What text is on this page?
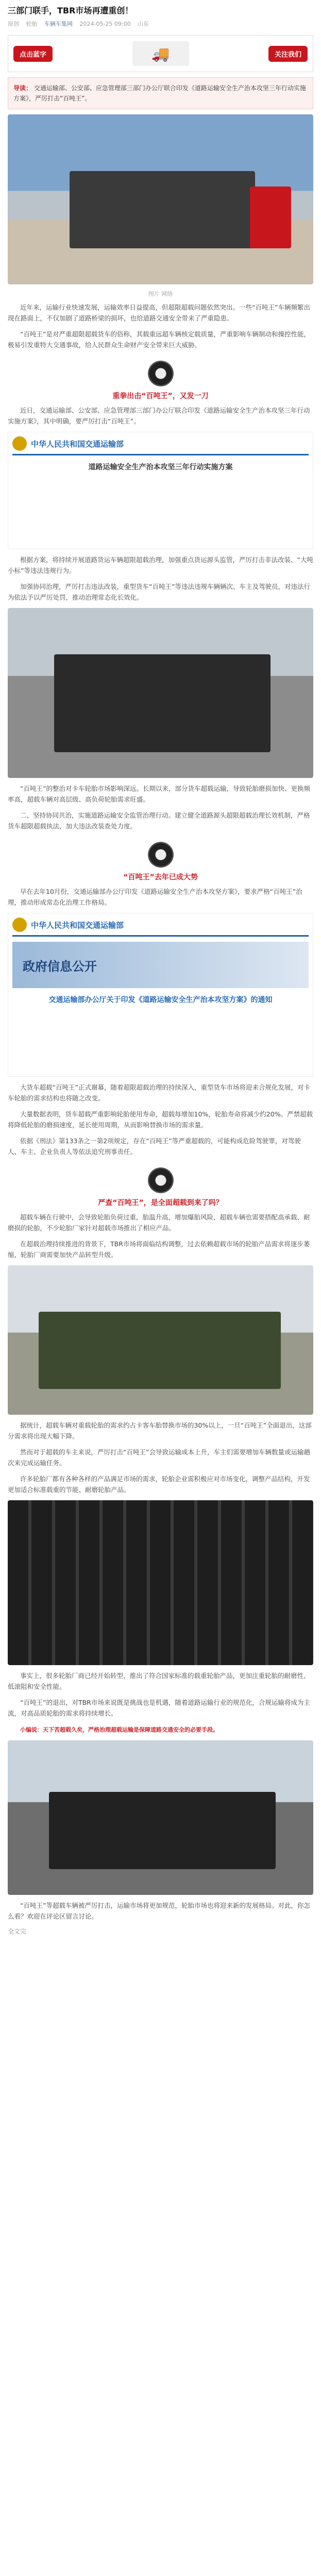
三部门联手，TBR市场再遭重创！
原创 轮胎 车辆车集网 2024-05-25 09:00 山东
点击蓝字	🚚	关注我们
导读： 交通运输部、公安部、应急管理部三部门办公厅联合印发《道路运输安全生产治本攻坚三年行动实施方案》，严厉打击“百吨王”。
图片 网络

近年来，运输行业快速发展，运输效率日益提高，但超限超载问题依然突出。一些“百吨王”车辆频繁出现在路面上，不仅加剧了道路桥梁的损坏，也给道路交通安全带来了严重隐患。

“百吨王”是对严重超限超载货车的俗称，其载重远超车辆核定载质量，严重影响车辆制动和操控性能，极易引发重特大交通事故，给人民群众生命财产安全带来巨大威胁。

重拳出击“百吨王”，又发一刀

近日，交通运输部、公安部、应急管理部三部门办公厅联合印发《道路运输安全生产治本攻坚三年行动实施方案》，其中明确，要严厉打击“百吨王”。

中华人民共和国交通运输部
道路运输安全生产治本攻坚三年行动实施方案

根据方案，将持续开展道路货运车辆超限超载治理，加强重点货运源头监管，严厉打击非法改装、“大吨小标”等违法违规行为。

加强协同治理，严厉打击违法改装，重型货车“百吨王”等违法违规车辆辆次、车主及驾驶员，对违法行为依法予以严厉处罚，推动治理常态化长效化。

“百吨王”的整治对卡车轮胎市场影响深远。长期以来，部分货车超载运输，导致轮胎磨损加快、更换频率高，超载车辆对高层级、高负荷轮胎需求旺盛。

二、坚持协同共治，实施道路运输安全监管治理行动。建立健全道路源头超限超载治理长效机制，严格货车超限超载执法，加大违法改装查处力度。

“百吨王”去年已成大势

早在去年10月份，交通运输部办公厅印发《道路运输安全生产治本攻坚方案》，要求严格“百吨王”治理，推动形成常态化治理工作格局。

中华人民共和国交通运输部
政府信息公开
交通运输部办公厅关于印发《道路运输安全生产治本攻坚方案》的通知

大货车超载“百吨王”正式谢幕，随着超限超载治理的持续深入，重型货车市场将迎来合规化发展，对卡车轮胎的需求结构也将随之改变。

大量数据表明，货车超载严重影响轮胎使用寿命，超载每增加10%，轮胎寿命将减少约20%。严禁超载将降低轮胎的磨损速度，延长使用周期，从而影响替换市场的需求量。

依据《刑法》第133条之一第2项规定，存在“百吨王”等严重超载的，可能构成危险驾驶罪，对驾驶人、车主、企业负责人等依法追究刑事责任。

严查“百吨王”，是全面超载到来了吗？

超载车辆在行驶中，会导致轮胎负荷过重，胎温升高，增加爆胎风险，超载车辆也需要搭配高承载、耐磨损的轮胎，不少轮胎厂家针对超载市场推出了相应产品。

在超载治理持续推进的背景下，TBR市场将面临结构调整，过去依赖超载市场的轮胎产品需求将逐步萎缩，轮胎厂商需要加快产品转型升级。

据统计，超载车辆对重载轮胎的需求约占卡客车胎替换市场的30%以上，一旦“百吨王”全面退出，这部分需求将出现大幅下降。

然而对于超载的车主来说，严厉打击“百吨王”会导致运输成本上升，车主们需要增加车辆数量或运输趟次来完成运输任务。

许多轮胎厂都有各种各样的产品满足市场的需求，轮胎企业需积极应对市场变化，调整产品结构，开发更加适合标准载重的节能、耐磨轮胎产品。

事实上，很多轮胎厂商已经开始转型，推出了符合国家标准的载重轮胎产品，更加注重轮胎的耐磨性、低滚阻和安全性能。

“百吨王”的退出，对TBR市场来说既是挑战也是机遇，随着道路运输行业的规范化，合规运输将成为主流，对高品质轮胎的需求将持续增长。

小编说：天下苦超载久矣，严格治理超载运输是保障道路交通安全的必要手段。

“百吨王”等超载车辆被严厉打击，运输市场将更加规范，轮胎市场也将迎来新的发展格局。对此，你怎么看？欢迎在评论区留言讨论。

全文完
